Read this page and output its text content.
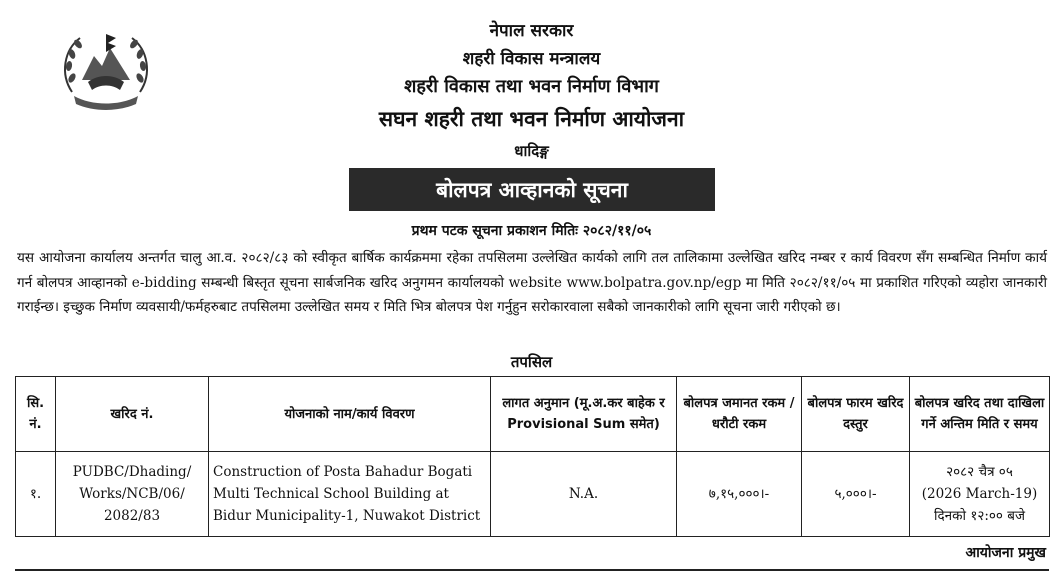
नेपाल सरकार
शहरी विकास मन्त्रालय
शहरी विकास तथा भवन निर्माण विभाग
सघन शहरी तथा भवन निर्माण आयोजना
धादिङ्ग
बोलपत्र आव्हानको सूचना
प्रथम पटक सूचना प्रकाशन मितिः २०८२/११/०५
यस आयोजना कार्यालय अन्तर्गत चालु आ.व. २०८२/८३ को स्वीकृत बार्षिक कार्यक्रममा रहेका तपसिलमा उल्लेखित कार्यको लागि तल तालिकामा उल्लेखित खरिद नम्बर र कार्य विवरण सँग सम्बन्धित निर्माण कार्य गर्न बोलपत्र आव्हानको e-bidding सम्बन्धी बिस्तृत सूचना सार्बजनिक खरिद अनुगमन कार्यालयको website www.bolpatra.gov.np/egp मा मिति २०८२/११/०५ मा प्रकाशित गरिएको व्यहोरा जानकारी गराईन्छ। इच्छुक निर्माण व्यवसायी/फर्महरुबाट तपसिलमा उल्लेखित समय र मिति भित्र बोलपत्र पेश गर्नुहुन सरोकारवाला सबैको जानकारीको लागि सूचना जारी गरीएको छ।
तपसिल
सि. नं.	खरिद नं.	योजनाको नाम/कार्य विवरण	लागत अनुमान (मू.अ.कर बाहेक र Provisional Sum समेत)	बोलपत्र जमानत रकम /धरौटी रकम	बोलपत्र फारम खरिद दस्तुर	बोलपत्र खरिद तथा दाखिला गर्ने अन्तिम मिति र समय
१.	PUDBC/Dhading/ Works/NCB/06/ 2082/83	Construction of Posta Bahadur Bogati Multi Technical School Building at Bidur Municipality-1, Nuwakot District	N.A.	७,१५,०००।-	५,०००।-	२०८२ चैत्र ०५
(2026 March-19)
दिनको १२:०० बजे
आयोजना प्रमुख
